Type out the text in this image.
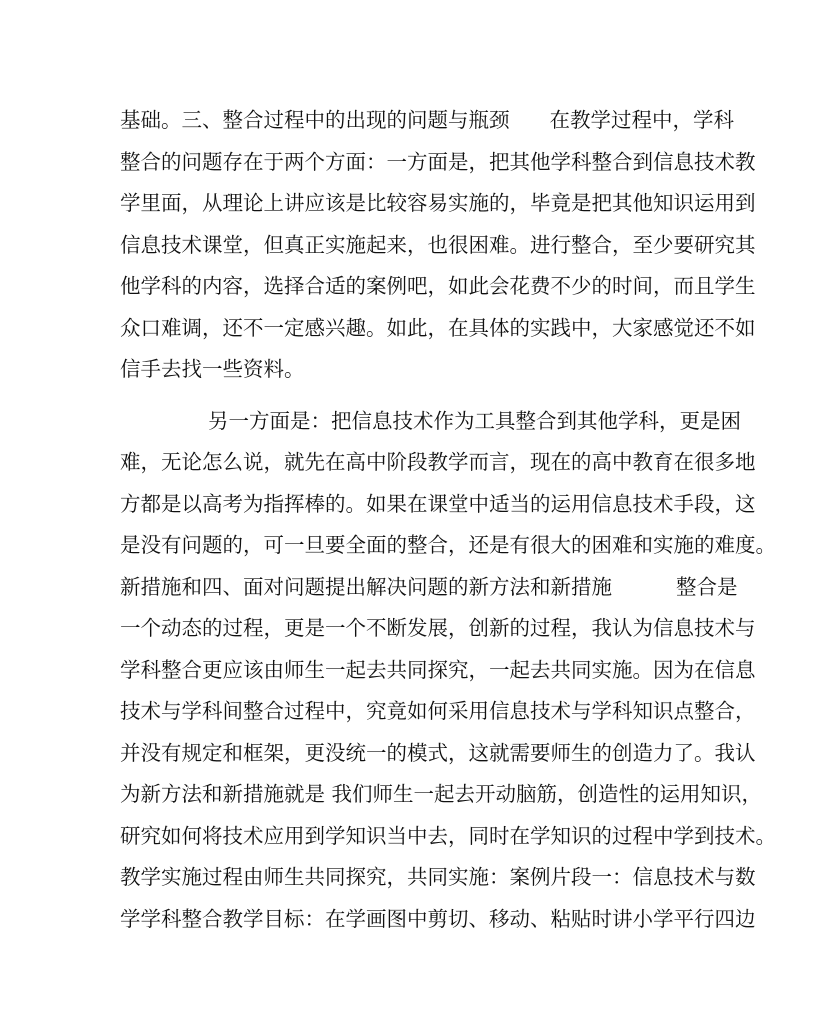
基础。三、整合过程中的出现的问题与瓶颈 在教学过程中，学科
整合的问题存在于两个方面：一方面是，把其他学科整合到信息技术教
学里面，从理论上讲应该是比较容易实施的，毕竟是把其他知识运用到
信息技术课堂，但真正实施起来，也很困难。进行整合，至少要研究其
他学科的内容，选择合适的案例吧，如此会花费不少的时间，而且学生
众口难调，还不一定感兴趣。如此，在具体的实践中，大家感觉还不如
信手去找一些资料。
另一方面是：把信息技术作为工具整合到其他学科，更是困
难，无论怎么说，就先在高中阶段教学而言，现在的高中教育在很多地
方都是以高考为指挥棒的。如果在课堂中适当的运用信息技术手段，这
是没有问题的，可一旦要全面的整合，还是有很大的困难和实施的难度。
新措施和四、面对问题提出解决问题的新方法和新措施	整合是
一个动态的过程，更是一个不断发展，创新的过程，我认为信息技术与
学科整合更应该由师生一起去共同探究，一起去共同实施。因为在信息
技术与学科间整合过程中，究竟如何采用信息技术与学科知识点整合，
并没有规定和框架，更没统一的模式，这就需要师生的创造力了。我认
为新方法和新措施就是 我们师生一起去开动脑筋，创造性的运用知识，
研究如何将技术应用到学知识当中去，同时在学知识的过程中学到技术。
教学实施过程由师生共同探究，共同实施：案例片段一：信息技术与数
学学科整合教学目标：在学画图中剪切、移动、粘贴时讲小学平行四边
